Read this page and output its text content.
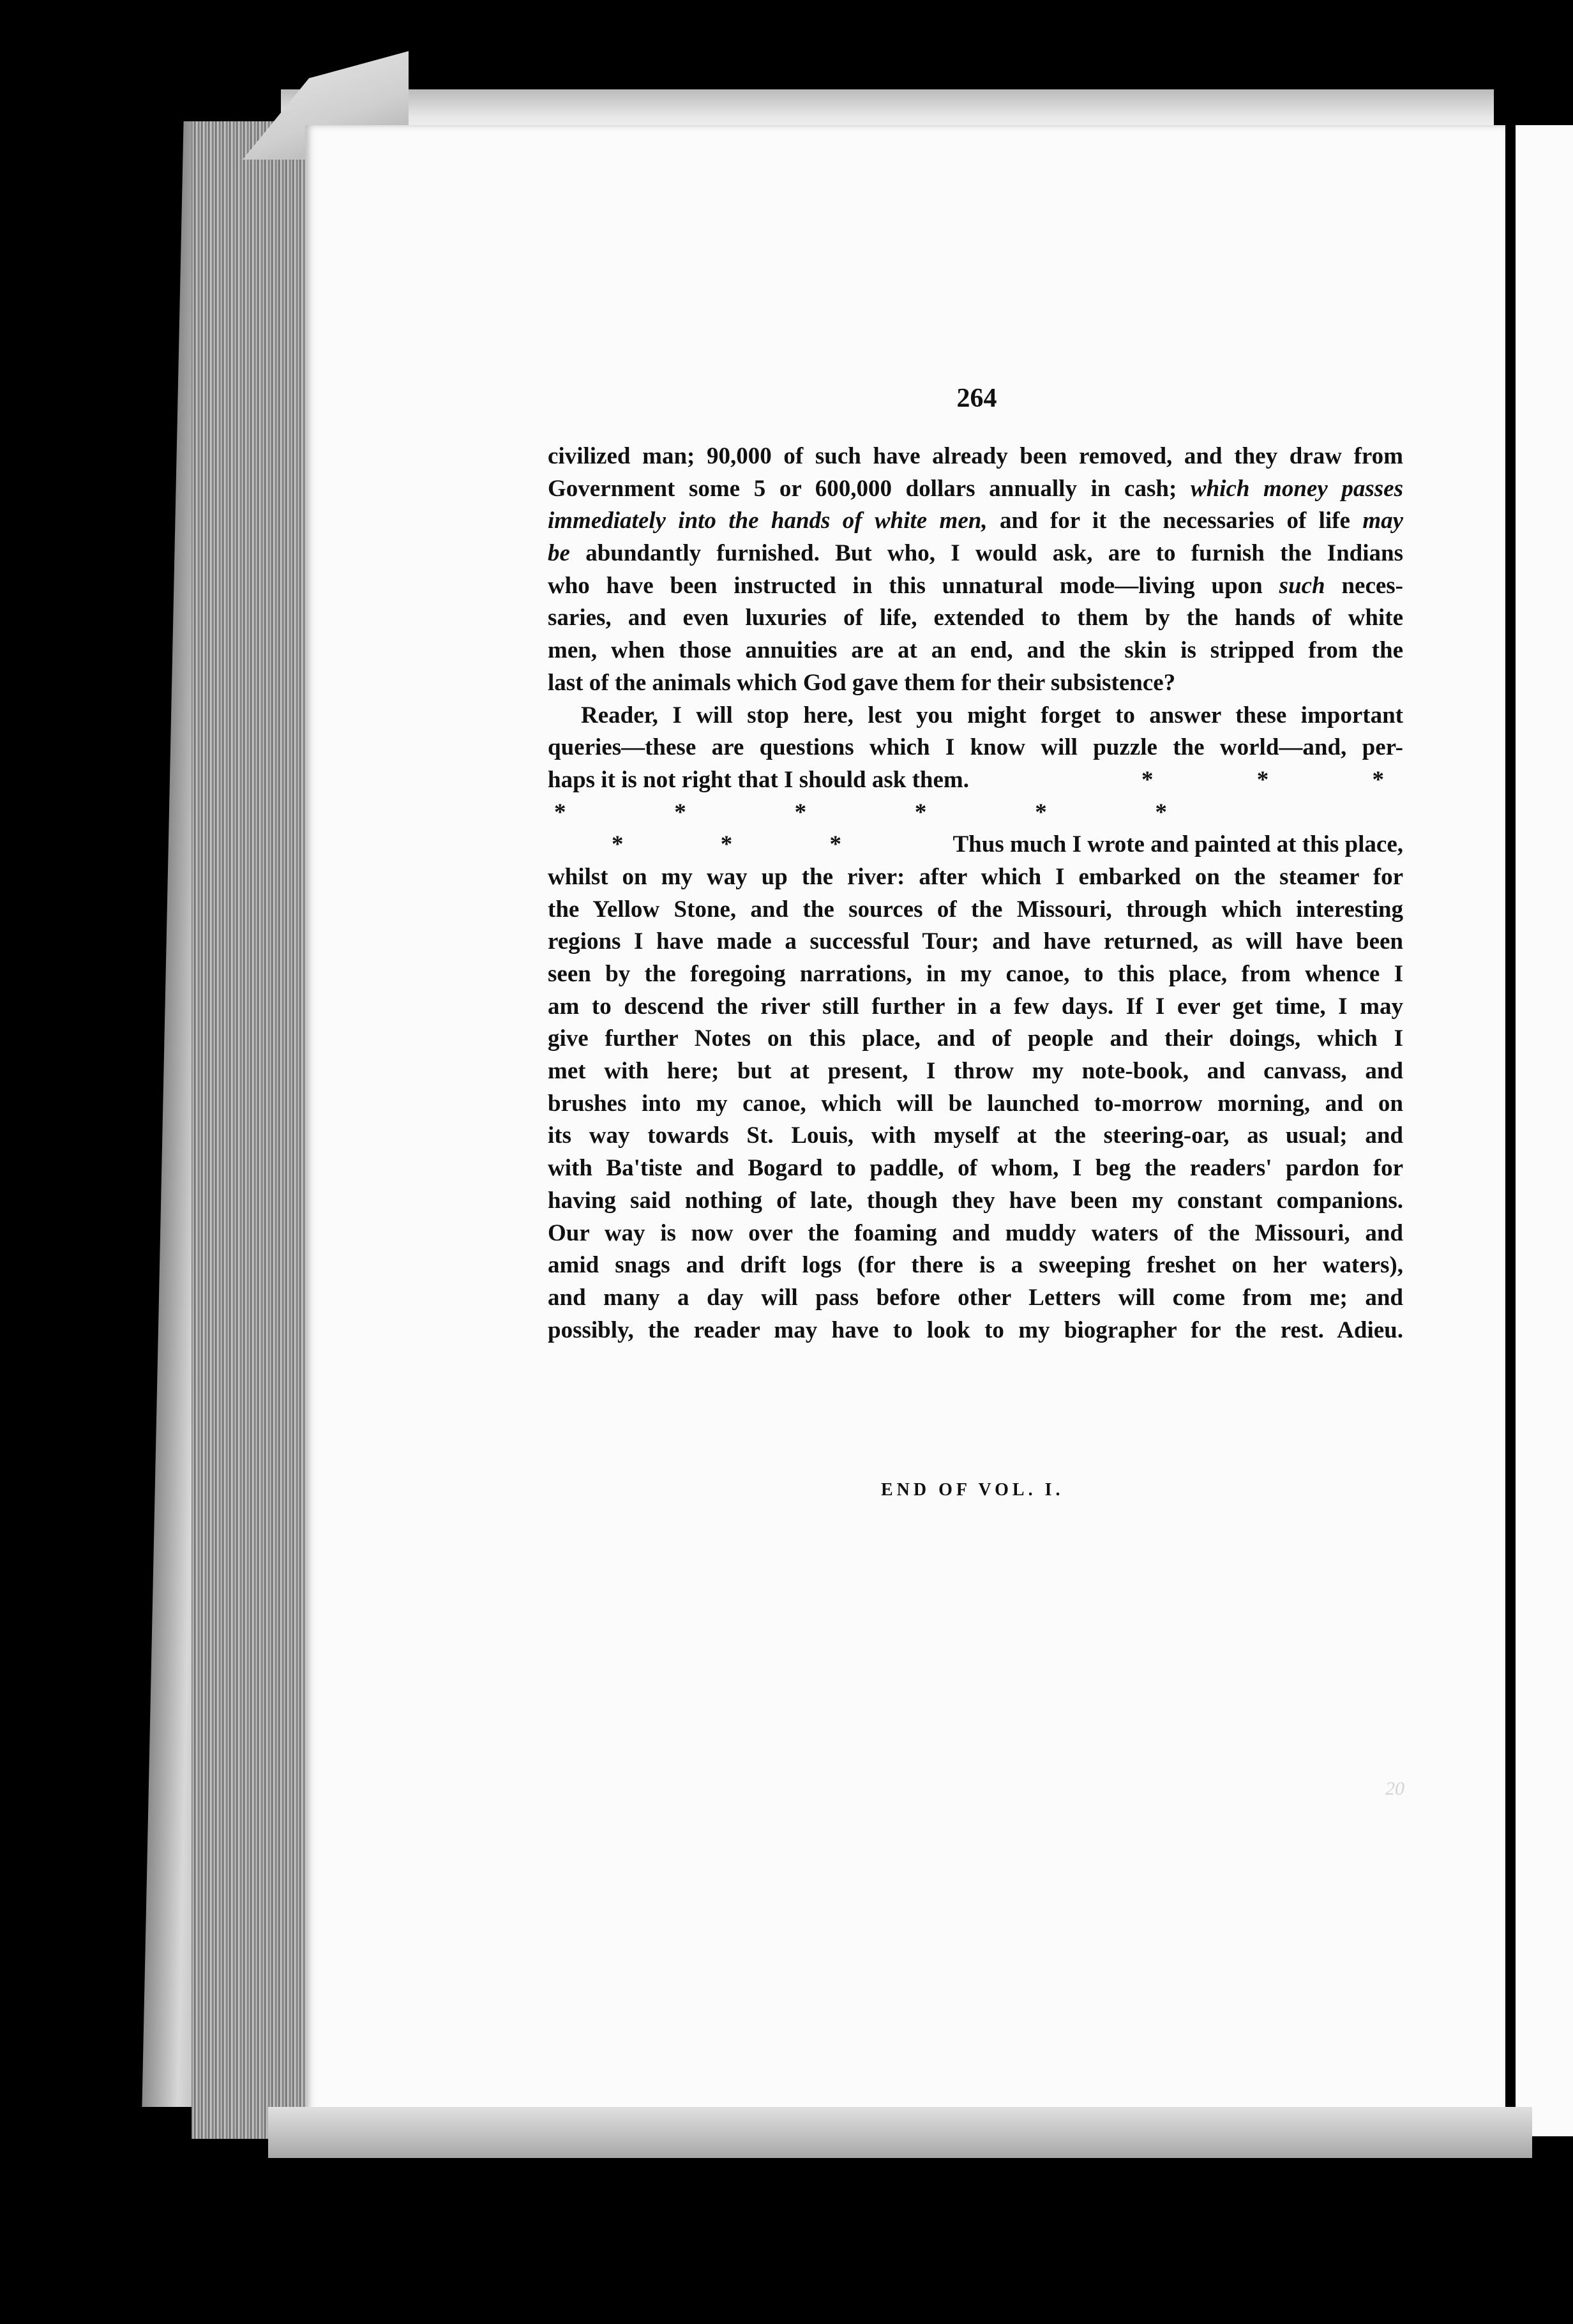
264
civilized man; 90,000 of such have already been removed, and they draw from
Government some 5 or 600,000 dollars annually in cash; which money passes
immediately into the hands of white men, and for it the necessaries of life may
be abundantly furnished. But who, I would ask, are to furnish the Indians
who have been instructed in this unnatural mode—living upon such neces-
saries, and even luxuries of life, extended to them by the hands of white
men, when those annuities are at an end, and the skin is stripped from the
last of the animals which God gave them for their subsistence?
Reader, I will stop here, lest you might forget to answer these important
queries—these are questions which I know will puzzle the world—and, per-
haps it is not right that I should ask them.	*	*	*
*	*	*	*	*	*
*	*	*	Thus much I wrote and painted at this place,
whilst on my way up the river: after which I embarked on the steamer for
the Yellow Stone, and the sources of the Missouri, through which interesting
regions I have made a successful Tour; and have returned, as will have been
seen by the foregoing narrations, in my canoe, to this place, from whence I
am to descend the river still further in a few days. If I ever get time, I may
give further Notes on this place, and of people and their doings, which I
met with here; but at present, I throw my note-book, and canvass, and
brushes into my canoe, which will be launched to-morrow morning, and on
its way towards St. Louis, with myself at the steering-oar, as usual; and
with Ba'tiste and Bogard to paddle, of whom, I beg the readers' pardon for
having said nothing of late, though they have been my constant companions.
Our way is now over the foaming and muddy waters of the Missouri, and
amid snags and drift logs (for there is a sweeping freshet on her waters),
and many a day will pass before other Letters will come from me; and
possibly, the reader may have to look to my biographer for the rest. Adieu.
END OF VOL. I.
20
